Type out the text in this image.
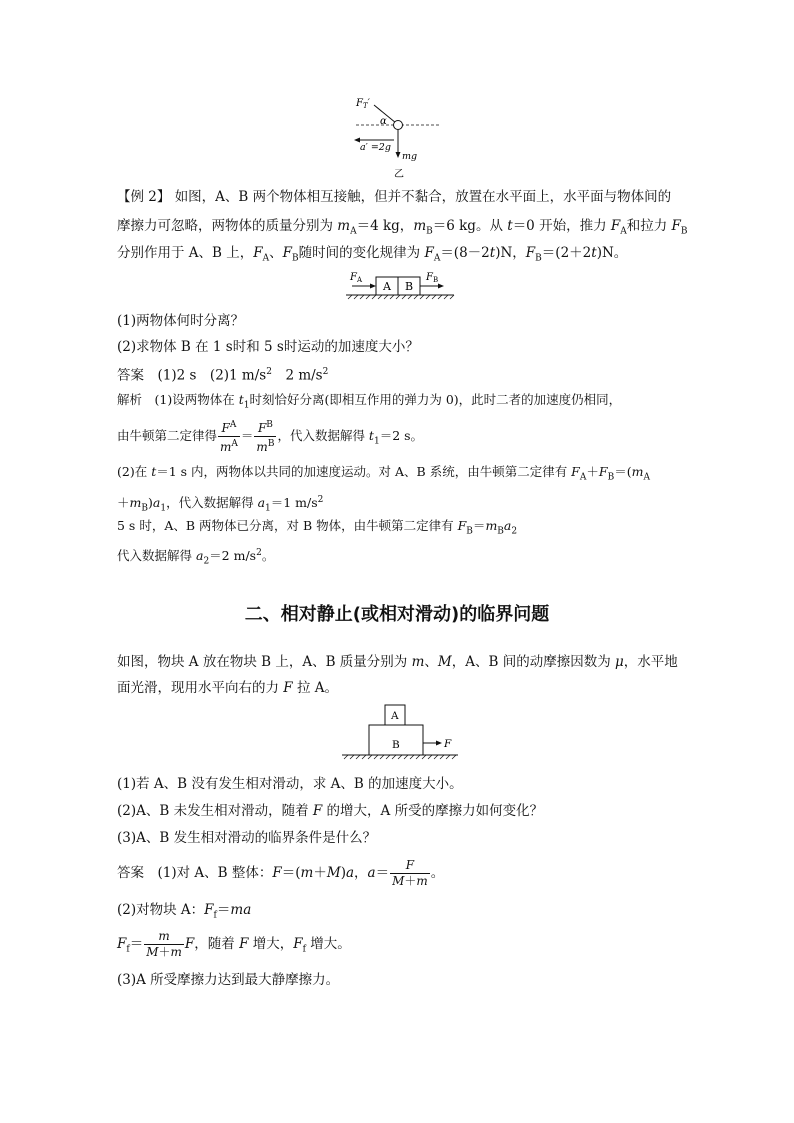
$F_T'$
α
a′ =2g
mg
乙
【例 2】 如图，A、B 两个物体相互接触，但并不黏合，放置在水平面上，水平面与物体间的
摩擦力可忽略，两物体的质量分别为 $m_A=4$ kg，$m_B=6$ kg。从 t＝0 开始，推力 $F_A$和拉力 $F_B$
分别作用于 A、B 上，$F_A$、$F_B$随时间的变化规律为 $F_A=(8-2t)N$，$F_B=(2+2t)N$。
$F_A$ A B
$F_B$
(1)两物体何时分离？
(2)求物体 B 在 1 s时和 5 s时运动的加速度大小？
答案　 (1)2 s　(2)1 $m/s^2$　2 $m/s^2$
解析　 (1)设两物体在 $t_1$时刻恰好分离(即相互作用的弹力为 0)，此时二者的加速度仍相同，
由牛顿第二定律得 $\frac{F^A}{m^A} = \frac{F^B}{m^B}$ ，代入数据解得 $t_1=2$ s。
(2)在 t＝1 s 内，两物体以共同的加速度运动。对 A、B 系统，由牛顿第二定律有 $F_A+F_B=(m_A$
$+m_B)a_1$，代入数据解得 $a_1=1$ $m/s^2$
5 s 时，A、B 两物体已分离，对 B 物体，由牛顿第二定律有 $F_B=m_Ba_2$
代入数据解得 $a_2=2$ $m/s^2$。
二、相对静止(或相对滑动)的临界问题
如图，物块 A 放在物块 B 上，A、B 质量分别为 m、M，A、B 间的动摩擦因数为 μ，水平地
面光滑，现用水平向右的力 F 拉 A。
A
B	F
(1)若 A、B 没有发生相对滑动，求 A、B 的加速度大小。
(2)A、B 未发生相对滑动，随着 F 的增大，A 所受的摩擦力如何变化？
(3)A、B 发生相对滑动的临界条件是什么？
答案　 (1)对 A、B 整体：F＝(m＋M)a，$a= \frac{F}{M+m}$ 。
(2)对物块 A：$F_f=ma$
$F_f= \frac{m}{M+m}$ F，随着 F 增大，$F_f$ 增大。
(3)A 所受摩擦力达到最大静摩擦力。
